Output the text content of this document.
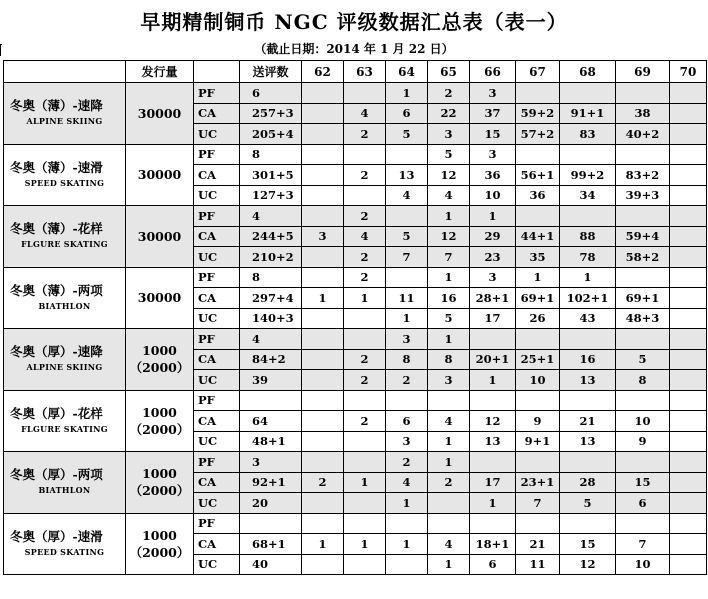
早期精制铜币 NGC 评级数据汇总表（表一）
（截止日期：2014 年 1 月 22 日）
	发行量		送评数	62	63	64	65	66	67	68	69	70

冬奥（薄）-速降
ALPINE SKIING	30000	PF	6			1	2	3				
		CA	257+3		4	6	22	37	59+2	91+1	38	
		UC	205+4		2	5	3	15	57+2	83	40+2	

冬奥（薄）-速滑
SPEED SKATING	30000	PF	8				5	3				
		CA	301+5		2	13	12	36	56+1	99+2	83+2	
		UC	127+3			4	4	10	36	34	39+3	

冬奥（薄）-花样
FLGURE SKATING	30000	PF	4		2		1	1				
		CA	244+5	3	4	5	12	29	44+1	88	59+4	
		UC	210+2		2	7	7	23	35	78	58+2	

冬奥（薄）-两项
BIATHLON	30000	PF	8		2		1	3	1	1		
		CA	297+4	1	1	11	16	28+1	69+1	102+1	69+1	
		UC	140+3			1	5	17	26	43	48+3	

冬奥（厚）-速降
ALPINE SKIING	1000
（2000）	PF	4			3	1					
		CA	84+2		2	8	8	20+1	25+1	16	5	
		UC	39		2	2	3	1	10	13	8	

冬奥（厚）-花样
FLGURE SKATING	1000
（2000）	PF										
		CA	64		2	6	4	12	9	21	10	
		UC	48+1			3	1	13	9+1	13	9	

冬奥（厚）-两项
BIATHLON	1000
（2000）	PF	3			2	1					
		CA	92+1	2	1	4	2	17	23+1	28	15	
		UC	20			1		1	7	5	6	

冬奥（厚）-速滑
SPEED SKATING	1000
（2000）	PF										
		CA	68+1	1	1	1	4	18+1	21	15	7	
		UC	40				1	6	11	12	10	
